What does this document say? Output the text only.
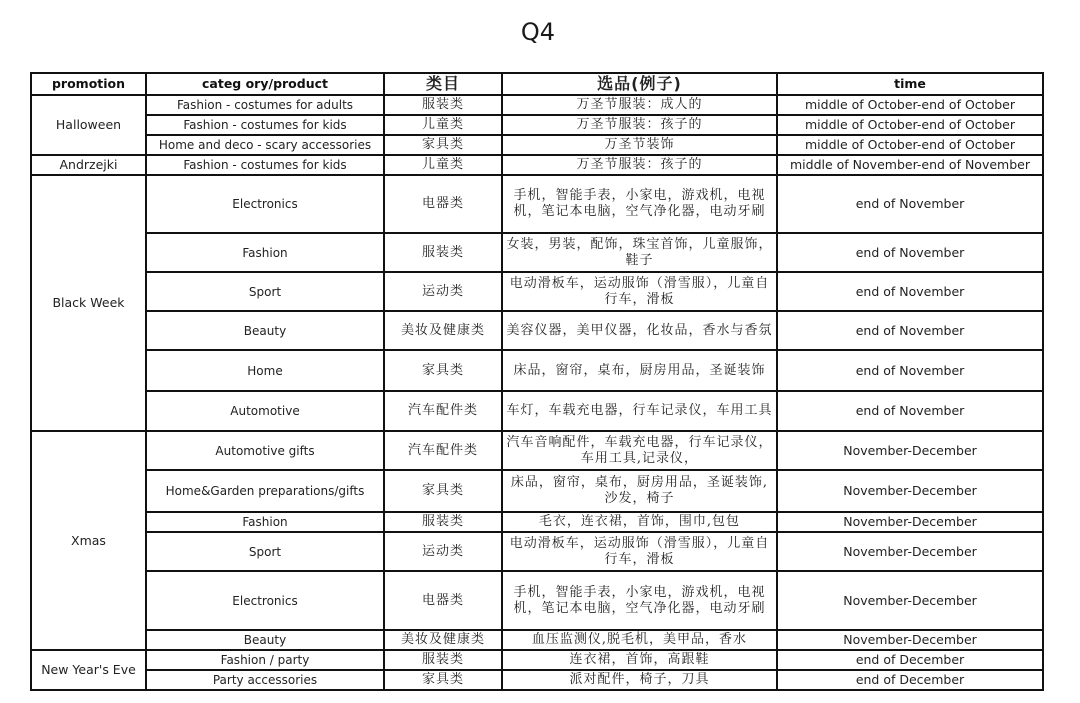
Q4
promotion	categ ory/product	类目	选品(例子)	time
Halloween	Fashion - costumes for adults	服装类	万圣节服装：成人的	middle of October-end of October
	Fashion - costumes for kids	儿童类	万圣节服装：孩子的	middle of October-end of October
	Home and deco - scary accessories	家具类	万圣节装饰	middle of October-end of October
Andrzejki	Fashion - costumes for kids	儿童类	万圣节服装：孩子的	middle of November-end of November
Black Week	Electronics	电器类	手机，智能手表，小家电，游戏机，电视机，笔记本电脑，空气净化器，电动牙刷	end of November
	Fashion	服装类	女装，男装，配饰，珠宝首饰，儿童服饰，鞋子	end of November
	Sport	运动类	电动滑板车，运动服饰（滑雪服），儿童自行车，滑板	end of November
	Beauty	美妆及健康类	美容仪器，美甲仪器，化妆品，香水与香氛	end of November
	Home	家具类	床品，窗帘，桌布，厨房用品，圣诞装饰	end of November
	Automotive	汽车配件类	车灯，车载充电器，行车记录仪，车用工具	end of November
Xmas	Automotive gifts	汽车配件类	汽车音响配件，车载充电器，行车记录仪，车用工具,记录仪，	November-December
	Home&Garden preparations/gifts	家具类	床品，窗帘，桌布，厨房用品，圣诞装饰,沙发，椅子	November-December
	Fashion	服装类	毛衣，连衣裙，首饰，围巾,包包	November-December
	Sport	运动类	电动滑板车，运动服饰（滑雪服），儿童自行车，滑板	November-December
	Electronics	电器类	手机，智能手表，小家电，游戏机，电视机，笔记本电脑，空气净化器，电动牙刷	November-December
	Beauty	美妆及健康类	血压监测仪,脱毛机，美甲品，香水	November-December
New Year's Eve	Fashion / party	服装类	连衣裙，首饰，高跟鞋	end of December
	Party accessories	家具类	派对配件，椅子，刀具	end of December
